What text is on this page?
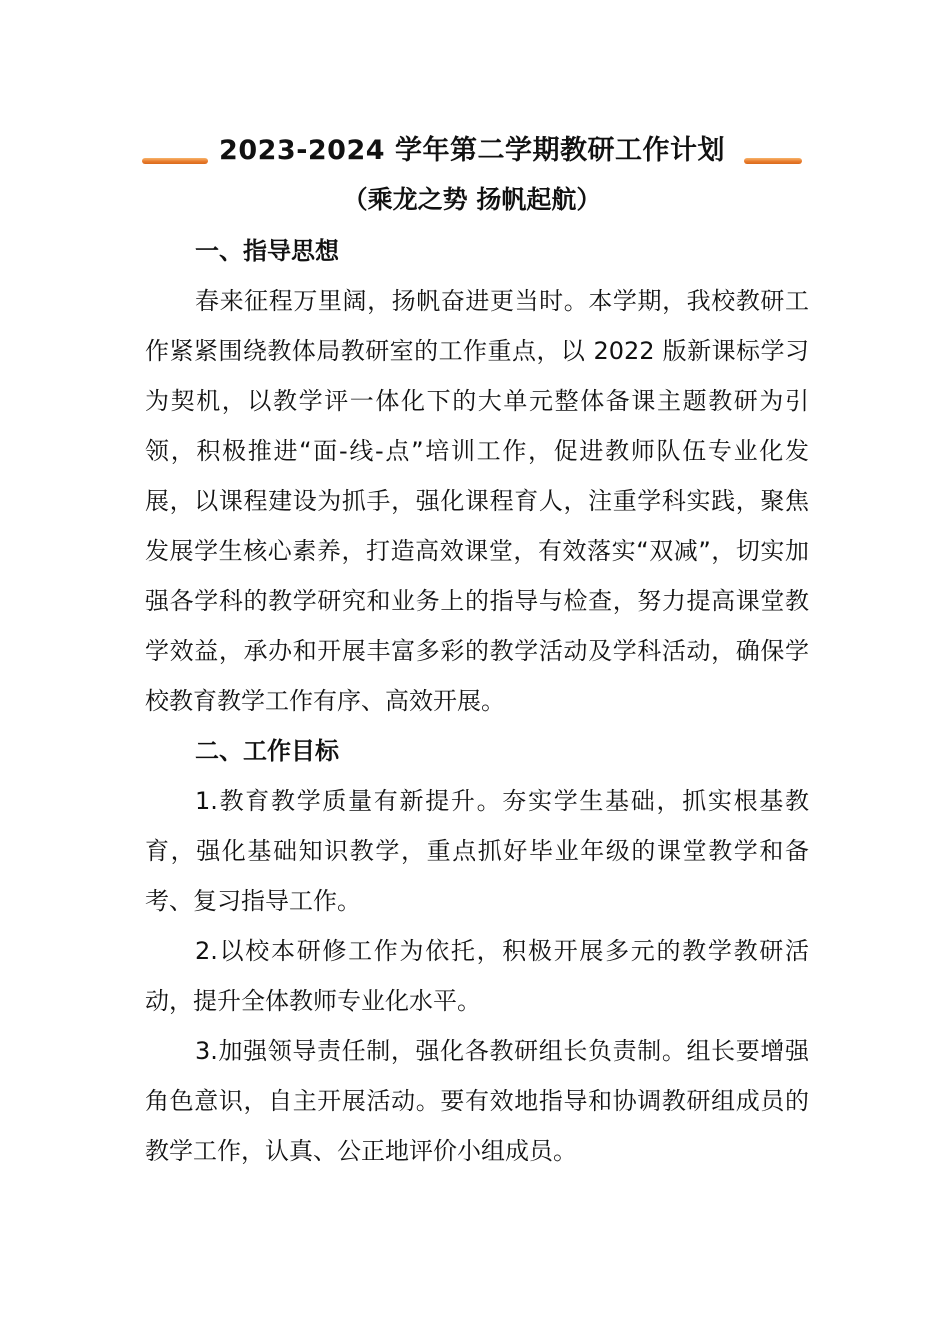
2023-2024 学年第二学期教研工作计划
（乘龙之势 扬帆起航）

一、指导思想

春来征程万里阔，扬帆奋进更当时。本学期，我校教研工作紧紧围绕教体局教研室的工作重点，以 2022 版新课标学习为契机，以教学评一体化下的大单元整体备课主题教研为引领，积极推进“面-线-点”培训工作，促进教师队伍专业化发展，以课程建设为抓手，强化课程育人，注重学科实践，聚焦发展学生核心素养，打造高效课堂，有效落实“双减”，切实加强各学科的教学研究和业务上的指导与检查，努力提高课堂教学效益，承办和开展丰富多彩的教学活动及学科活动，确保学校教育教学工作有序、高效开展。

二、工作目标

1.教育教学质量有新提升。夯实学生基础，抓实根基教育，强化基础知识教学，重点抓好毕业年级的课堂教学和备考、复习指导工作。

2.以校本研修工作为依托，积极开展多元的教学教研活动，提升全体教师专业化水平。

3.加强领导责任制，强化各教研组长负责制。组长要增强角色意识，自主开展活动。要有效地指导和协调教研组成员的教学工作，认真、公正地评价小组成员。
